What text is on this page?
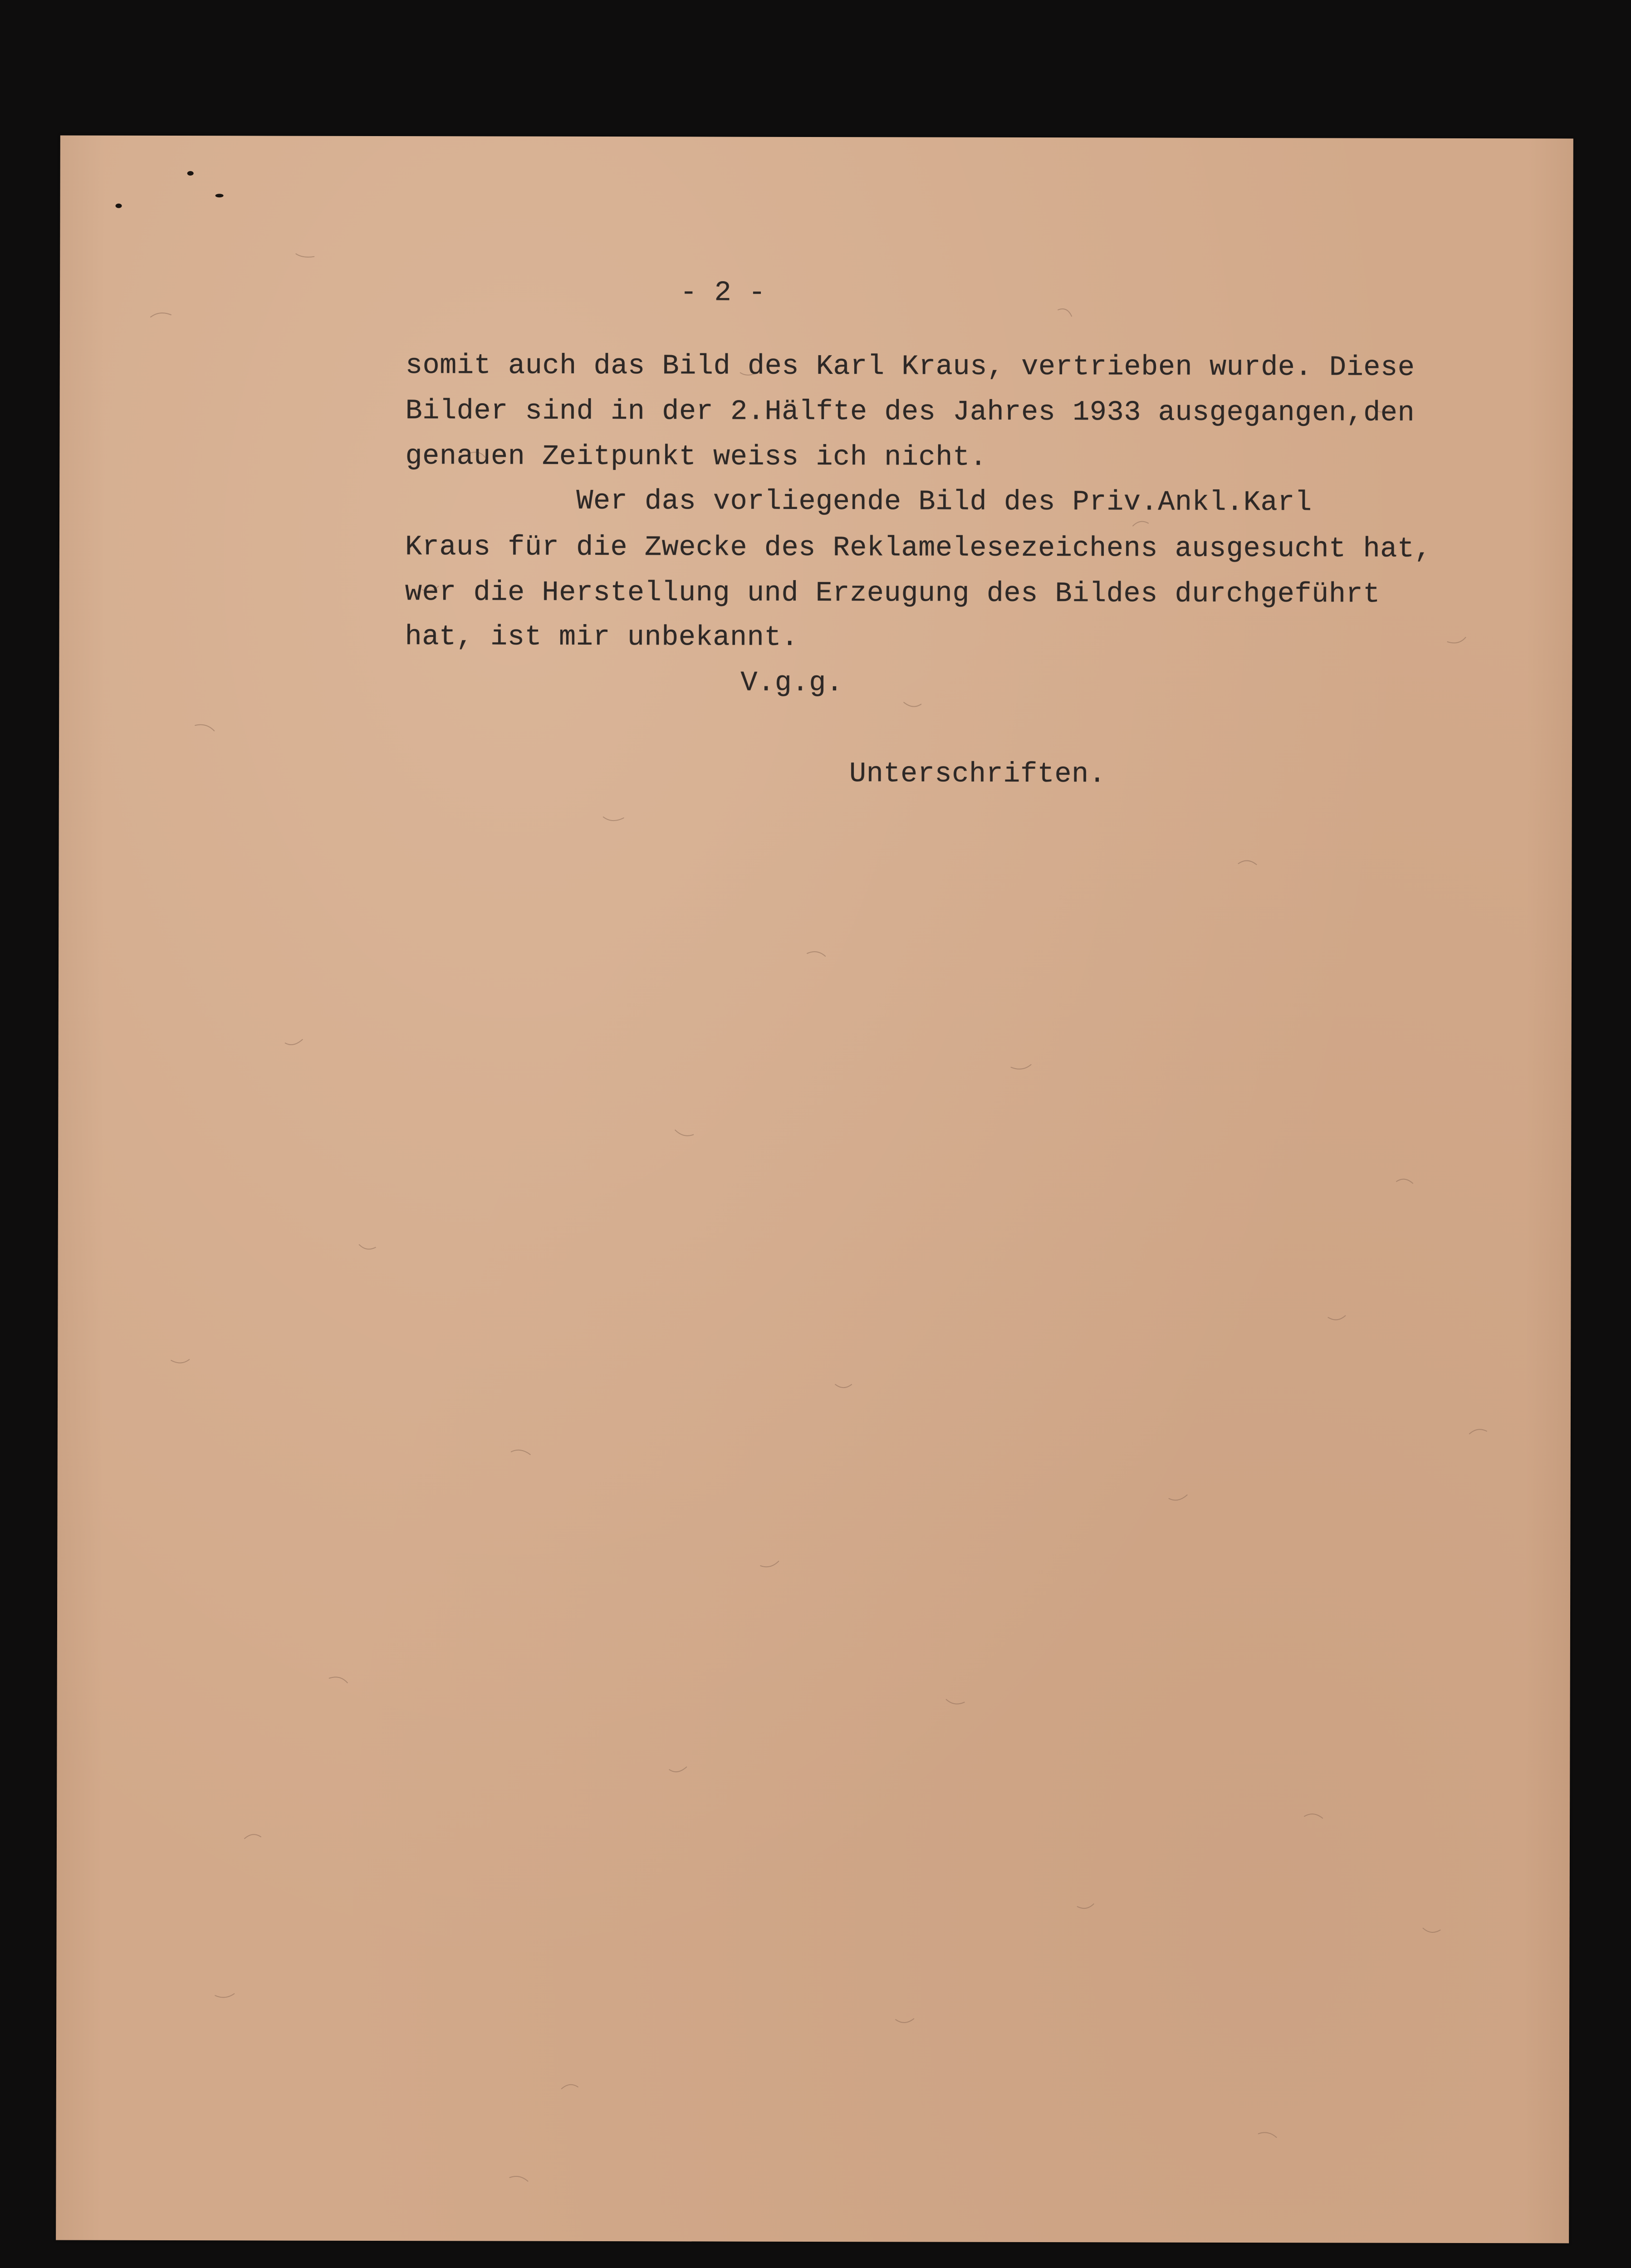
- 2 -

somit auch das Bild des Karl Kraus, vertrieben wurde. Diese

Bilder sind in der 2.Hälfte des Jahres 1933 ausgegangen,den

genauen Zeitpunkt weiss ich nicht.

Wer das vorliegende Bild des Priv.Ankl.Karl

Kraus für die Zwecke des Reklamelesezeichens ausgesucht hat,

wer die Herstellung und Erzeugung des Bildes durchgeführt

hat, ist mir unbekannt.

V.g.g.

Unterschriften.
